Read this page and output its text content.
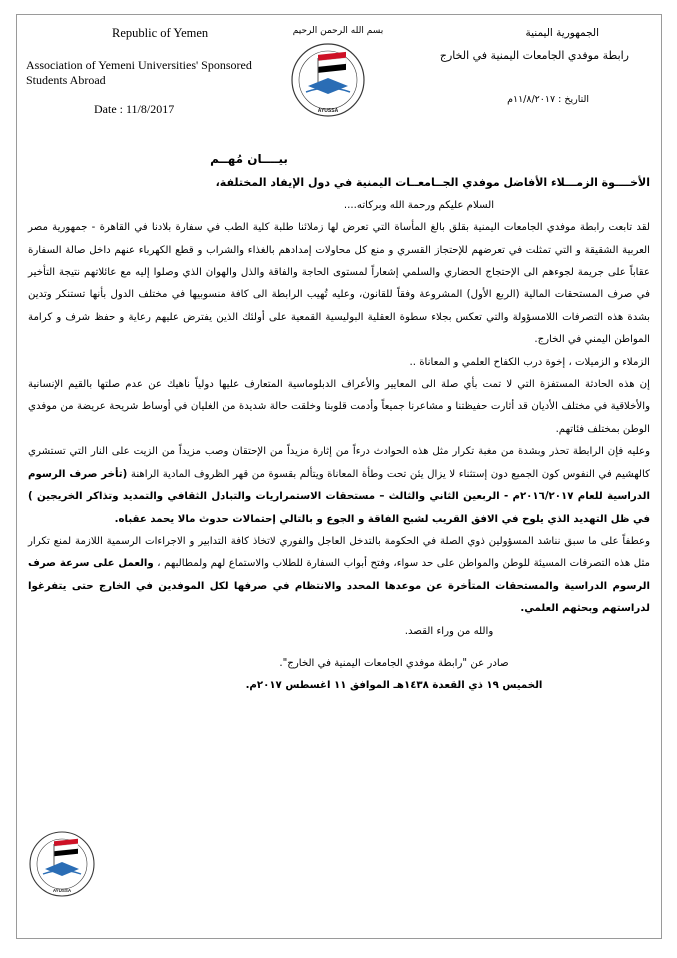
Republic of Yemen
Association of Yemeni Universities' Sponsored Students Abroad
Date : 11/8/2017
بسم الله الرحمن الرحيم
AYUSSA
الجمهورية اليمنية
رابطة موفدي الجامعات اليمنية في الخارج
التاريخ : ١١/٨/٢٠١٧م

بيــــان مُهــم

الأخــــوة الزمـــلاء الأفاضل موفدي الجــامعــات اليمنية في دول الإيفاد المختلفة،

السلام عليكم ورحمة الله وبركاته....

لقد تابعت رابطة موفدي الجامعات اليمنية بقلق بالغ المأساة التي تعرض لها زملائنا طلبة كلية الطب في سفارة بلادنا في القاهرة - جمهورية مصر العربية الشقيقة و التي تمثلت في تعرضهم للإحتجاز القسري و منع كل محاولات إمدادهم بالغذاء والشراب و قطع الكهرباء عنهم داخل صالة السفارة عقاباً على جريمة لجوءهم الى الإحتجاج الحضاري والسلمي إشعاراً لمستوى الحاجة والفاقة والذل والهوان الذي وصلوا إليه مع عائلاتهم نتيجة التأخير في صرف المستحقات المالية (الربع الأول) المشروعة وفقاً للقانون، وعليه تُهيب الرابطة الى كافة منسوبيها في مختلف الدول بأنها تستنكر وتدين بشدة هذه التصرفات اللامسؤولة والتي تعكس بجلاء سطوة العقلية البوليسية القمعية على أولئك الذين يفترض عليهم رعاية و حفظ شرف و كرامة المواطن اليمني في الخارج.

الزملاء و الزميلات ، إخوة درب الكفاح العلمي و المعاناة ..

إن هذه الحادثة المستفزة التي لا تمت بأي صلة الى المعايير والأعراف الدبلوماسية المتعارف عليها دولياً ناهيك عن عدم صلتها بالقيم الإنسانية والأخلاقية في مختلف الأديان قد أثارت حفيظتنا و مشاعرنا جميعاً وأدمت قلوبنا وخلقت حالة شديدة من الغليان في أوساط شريحة عريضة من موفدي الوطن بمختلف فئاتهم.

وعليه فإن الرابطة تحذر وبشدة من مغبة تكرار مثل هذه الحوادث درءاً من إثارة مزيداً من الإحتقان وصب مزيداً من الزيت على النار التي تستشري كالهشيم في النفوس كون الجميع دون إستثناء لا يزال يئن تحت وطأة المعاناة ويتألم بقسوة من قهر الظروف المادية الراهنة (تأخر صرف الرسوم الدراسية للعام ٢٠١٦/٢٠١٧م - الربعين الثاني والثالث – مستحقات الاستمراريات والتبادل الثقافي والتمديد وتذاكر الخريجين ) في ظل التهديد الذي يلوح في الافق القريب لشبح الفاقة و الجوع و بالتالي إحتمالات حدوث مالا يحمد عقباه.

وعطفاً على ما سبق نناشد المسؤولين ذوي الصلة في الحكومة بالتدخل العاجل والفوري لاتخاذ كافة التدابير و الاجراءات الرسمية اللازمة لمنع تكرار مثل هذه التصرفات المسيئة للوطن والمواطن على حد سواء، وفتح أبواب السفارة للطلاب والاستماع لهم ولمطالبهم ، والعمل على سرعة صرف الرسوم الدراسية والمستحقات المتأخرة عن موعدها المحدد والانتظام في صرفها لكل الموفدين في الخارج حتى يتفرغوا لدراستهم وبحثهم العلمي.

والله من وراء القصد.

صادر عن "رابطة موفدي الجامعات اليمنية في الخارج".

الخميس ١٩ ذي القعدة ١٤٣٨هـ الموافق ١١ اغسطس ٢٠١٧م.

AYUSSA
